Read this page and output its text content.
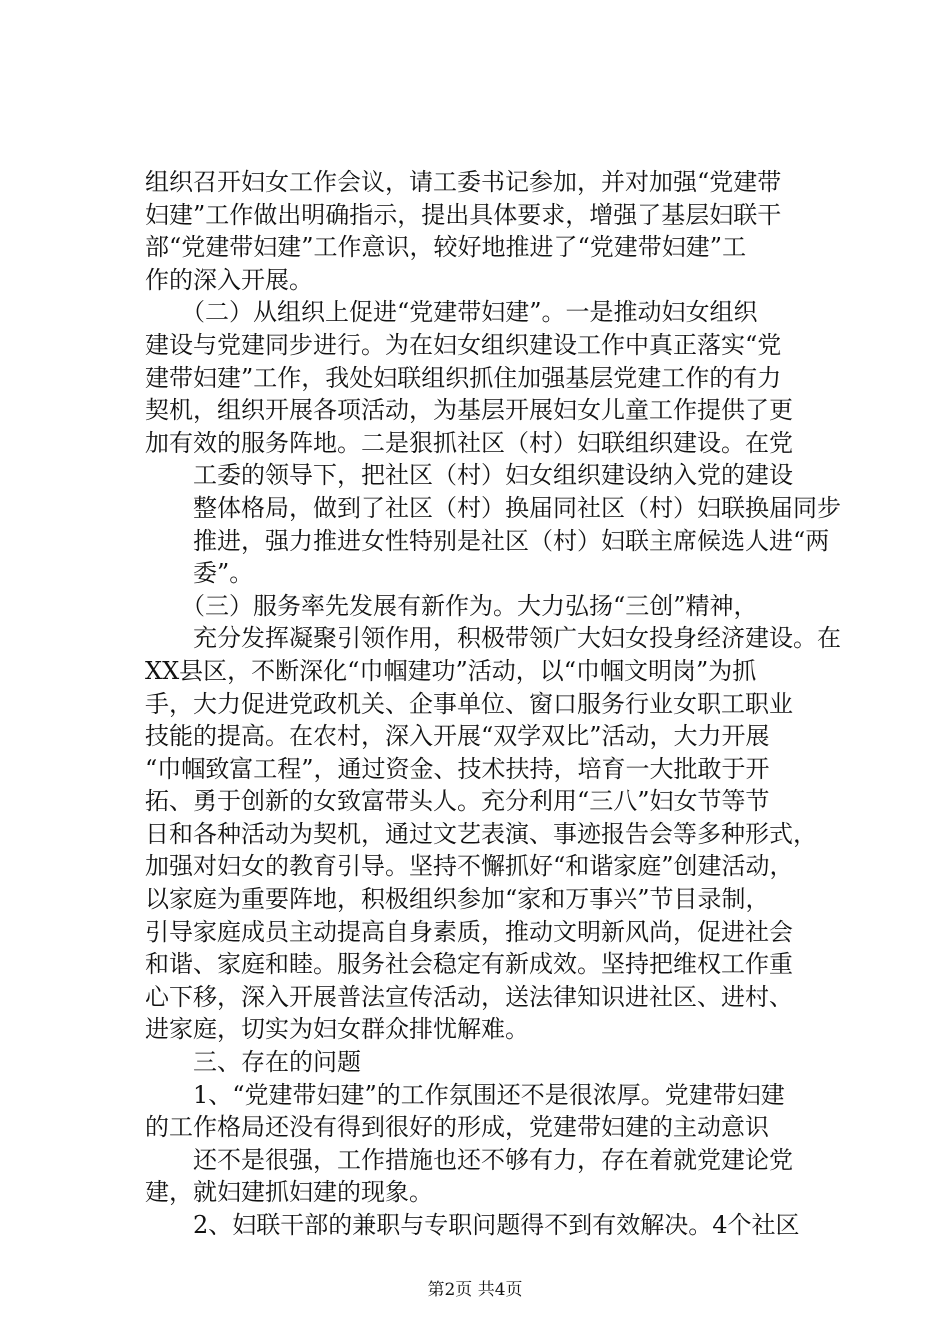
组织召开妇女工作会议，请工委书记参加，并对加强“党建带
妇建”工作做出明确指示，提出具体要求，增强了基层妇联干
部“党建带妇建”工作意识，较好地推进了“党建带妇建”工
作的深入开展。
　　（二）从组织上促进“党建带妇建”。一是推动妇女组织
建设与党建同步进行。为在妇女组织建设工作中真正落实“党
建带妇建”工作，我处妇联组织抓住加强基层党建工作的有力
契机，组织开展各项活动，为基层开展妇女儿童工作提供了更
加有效的服务阵地。二是狠抓社区（村）妇联组织建设。在党
　　工委的领导下，把社区（村）妇女组织建设纳入党的建设
　　整体格局，做到了社区（村）换届同社区（村）妇联换届同步
　　推进，强力推进女性特别是社区（村）妇联主席候选人进“两
　　委”。
　　（三）服务率先发展有新作为。大力弘扬“三创”精神，
　　充分发挥凝聚引领作用，积极带领广大妇女投身经济建设。在
XX县区，不断深化“巾帼建功”活动，以“巾帼文明岗”为抓
手，大力促进党政机关、企事单位、窗口服务行业女职工职业
技能的提高。在农村，深入开展“双学双比”活动，大力开展
“巾帼致富工程”，通过资金、技术扶持，培育一大批敢于开
拓、勇于创新的女致富带头人。充分利用“三八”妇女节等节
日和各种活动为契机，通过文艺表演、事迹报告会等多种形式，
加强对妇女的教育引导。坚持不懈抓好“和谐家庭”创建活动，
以家庭为重要阵地，积极组织参加“家和万事兴”节目录制，
引导家庭成员主动提高自身素质，推动文明新风尚，促进社会
和谐、家庭和睦。服务社会稳定有新成效。坚持把维权工作重
心下移，深入开展普法宣传活动，送法律知识进社区、进村、
进家庭，切实为妇女群众排忧解难。
　　三、存在的问题
　　1、“党建带妇建”的工作氛围还不是很浓厚。党建带妇建
的工作格局还没有得到很好的形成，党建带妇建的主动意识
　　还不是很强，工作措施也还不够有力，存在着就党建论党
建，就妇建抓妇建的现象。
　　2、妇联干部的兼职与专职问题得不到有效解决。4个社区
第2页 共4页
